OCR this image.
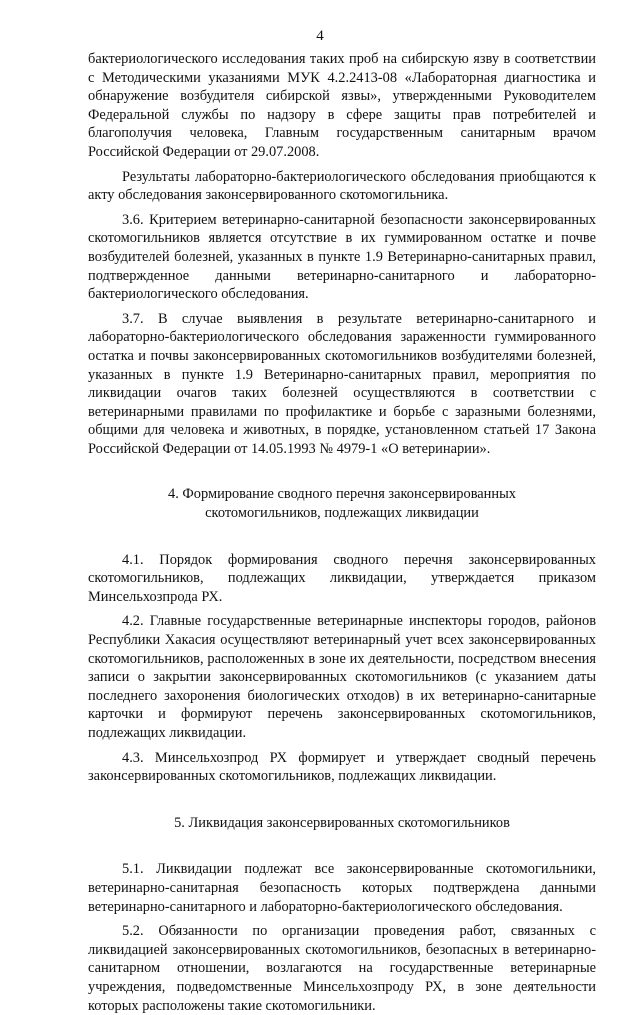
4

бактериологического исследования таких проб на сибирскую язву в соответствии с Методическими указаниями МУК 4.2.2413-08 «Лабораторная диагностика и обнаружение возбудителя сибирской язвы», утвержденными Руководителем Федеральной службы по надзору в сфере защиты прав потребителей и благополучия человека, Главным государственным санитарным врачом Российской Федерации от 29.07.2008.

Результаты лабораторно-бактериологического обследования приобщаются к акту обследования законсервированного скотомогильника.

3.6. Критерием ветеринарно-санитарной безопасности законсервированных скотомогильников является отсутствие в их гуммированном остатке и почве возбудителей болезней, указанных в пункте 1.9 Ветеринарно-санитарных правил, подтвержденное данными ветеринарно-санитарного и лабораторно-бактериологического обследования.

3.7. В случае выявления в результате ветеринарно-санитарного и лабораторно-бактериологического обследования зараженности гуммированного остатка и почвы законсервированных скотомогильников возбудителями болезней, указанных в пункте 1.9 Ветеринарно-санитарных правил, мероприятия по ликвидации очагов таких болезней осуществляются в соответствии с ветеринарными правилами по профилактике и борьбе с заразными болезнями, общими для человека и животных, в порядке, установленном статьей 17 Закона Российской Федерации от 14.05.1993 № 4979-1 «О ветеринарии».

4. Формирование сводного перечня законсервированных
скотомогильников, подлежащих ликвидации

4.1. Порядок формирования сводного перечня законсервированных скотомогильников, подлежащих ликвидации, утверждается приказом Минсельхозпрода РХ.

4.2. Главные государственные ветеринарные инспекторы городов, районов Республики Хакасия осуществляют ветеринарный учет всех законсервированных скотомогильников, расположенных в зоне их деятельности, посредством внесения записи о закрытии законсервированных скотомогильников (с указанием даты последнего захоронения биологических отходов) в их ветеринарно-санитарные карточки и формируют перечень законсервированных скотомогильников, подлежащих ликвидации.

4.3. Минсельхозпрод РХ формирует и утверждает сводный перечень законсервированных скотомогильников, подлежащих ликвидации.

5. Ликвидация законсервированных скотомогильников

5.1. Ликвидации подлежат все законсервированные скотомогильники, ветеринарно-санитарная безопасность которых подтверждена данными ветеринарно-санитарного и лабораторно-бактериологического обследования.

5.2. Обязанности по организации проведения работ, связанных с ликвидацией законсервированных скотомогильников, безопасных в ветеринарно-санитарном отношении, возлагаются на государственные ветеринарные учреждения, подведомственные Минсельхозпроду РХ, в зоне деятельности которых расположены такие скотомогильники.
